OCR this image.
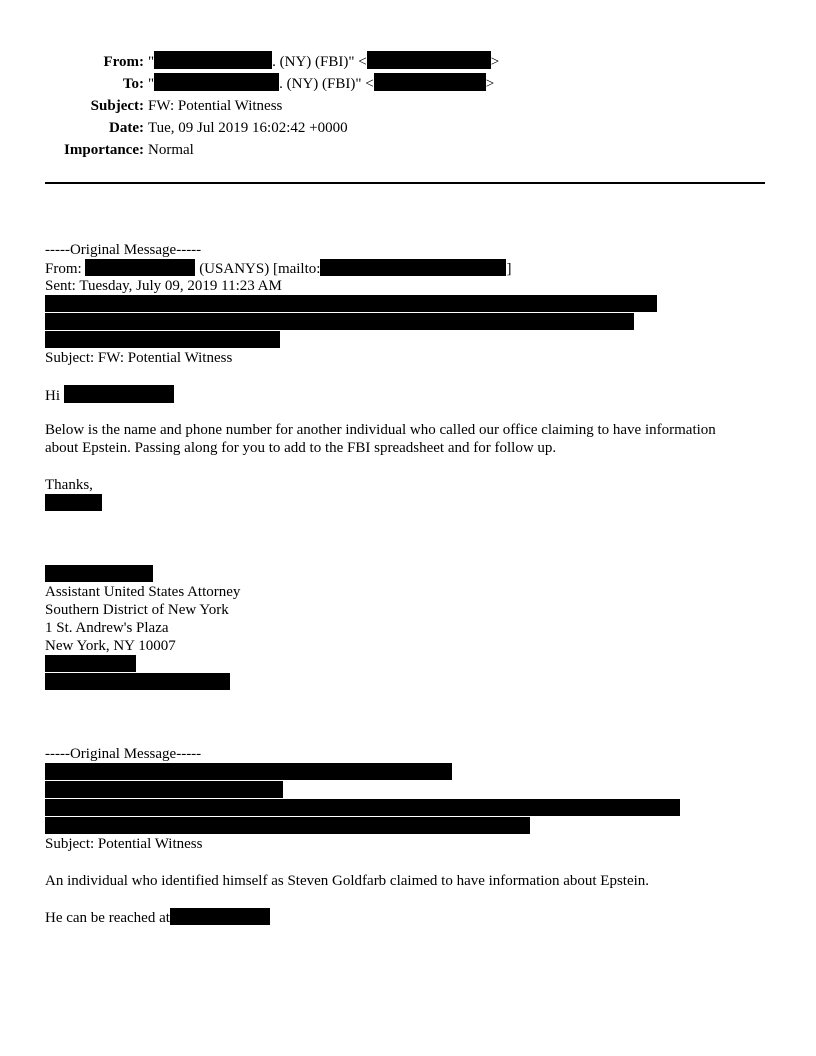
From: "	. (NY) (FBI)" <	>
To: "	. (NY) (FBI)" <	>
Subject: FW: Potential Witness
Date: Tue, 09 Jul 2019 16:02:42 +0000
Importance: Normal
-----Original Message-----
From:	(USANYS) [mailto:	]
Sent: Tuesday, July 09, 2019 11:23 AM
Subject: FW: Potential Witness
Hi
Below is the name and phone number for another individual who called our office claiming to have information
about Epstein. Passing along for you to add to the FBI spreadsheet and for follow up.
Thanks,
Assistant United States Attorney
Southern District of New York
1 St. Andrew's Plaza
New York, NY 10007
-----Original Message-----
Subject: Potential Witness
An individual who identified himself as Steven Goldfarb claimed to have information about Epstein.
He can be reached at
